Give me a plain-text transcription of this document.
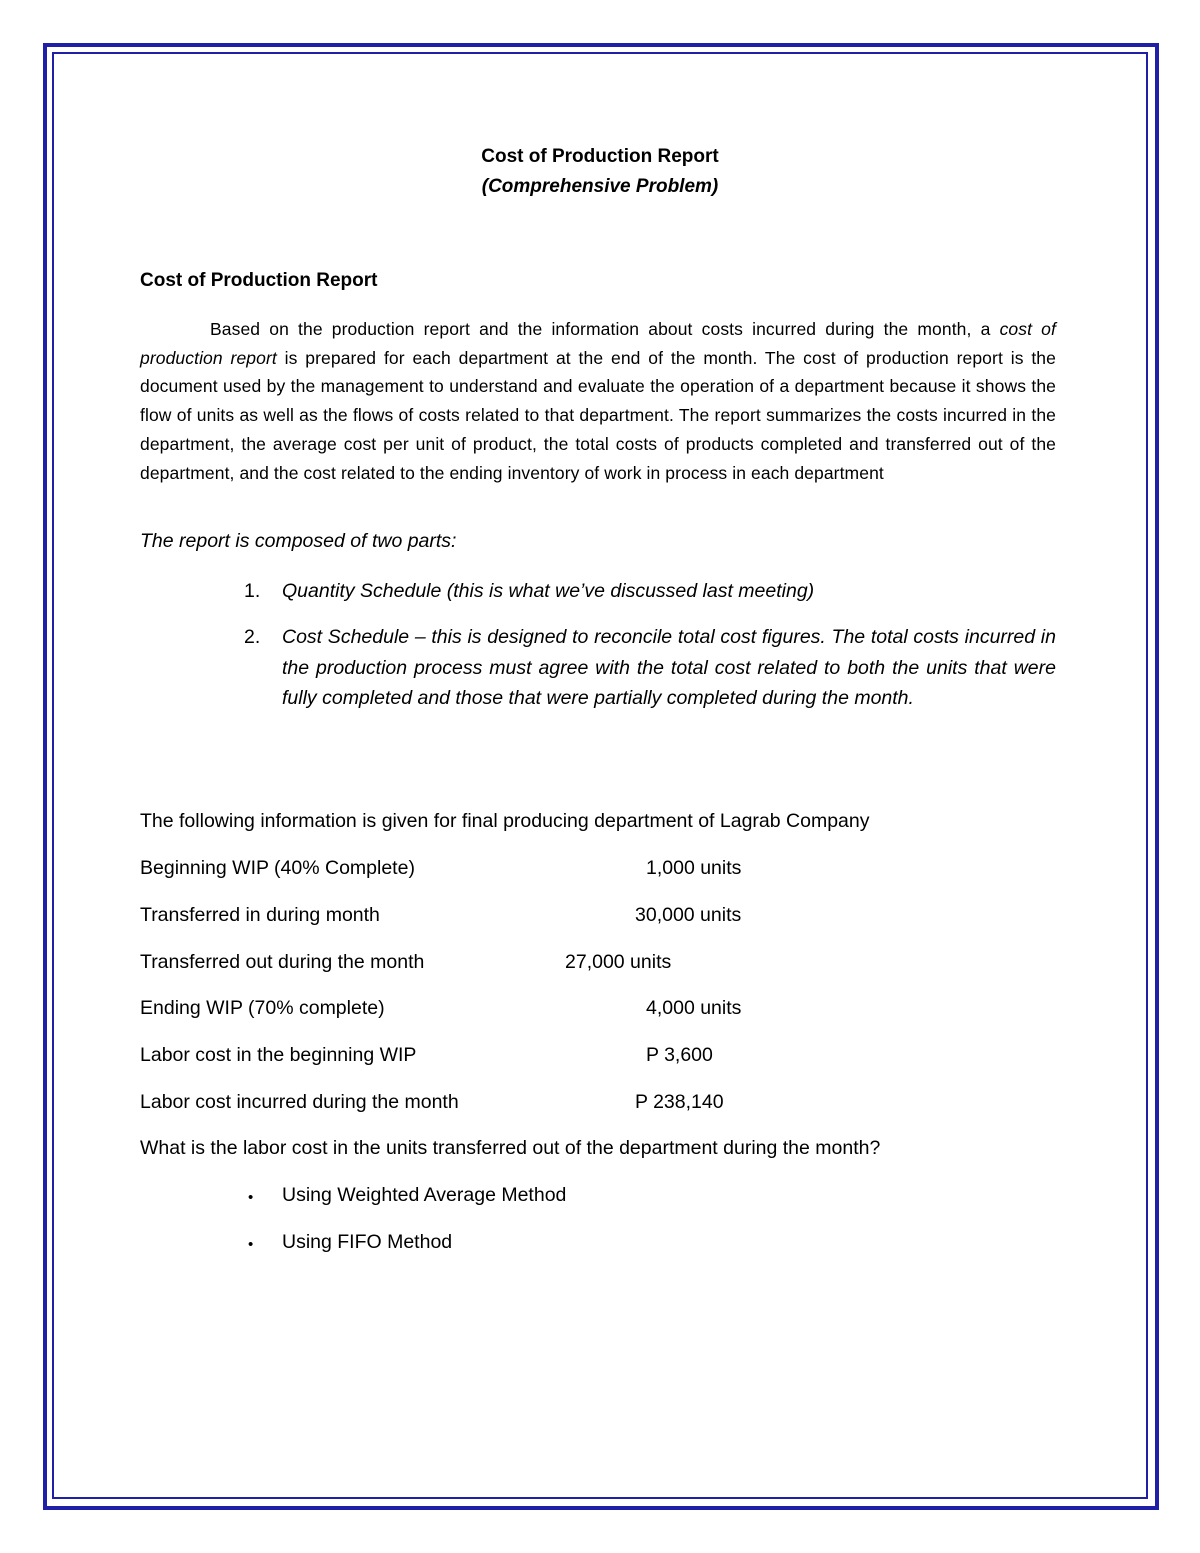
Cost of Production Report
(Comprehensive Problem)
Cost of Production Report
Based on the production report and the information about costs incurred during the month, a cost of production report is prepared for each department at the end of the month. The cost of production report is the document used by the management to understand and evaluate the operation of a department because it shows the flow of units as well as the flows of costs related to that department. The report summarizes the costs incurred in the department, the average cost per unit of product, the total costs of products completed and transferred out of the department, and the cost related to the ending inventory of work in process in each department
The report is composed of two parts:
1. Quantity Schedule (this is what we’ve discussed last meeting)
2. Cost Schedule – this is designed to reconcile total cost figures. The total costs incurred in the production process must agree with the total cost related to both the units that were fully completed and those that were partially completed during the month.
The following information is given for final producing department of Lagrab Company
Beginning WIP (40% Complete)	1,000 units
Transferred in during month	30,000 units
Transferred out during the month	27,000 units
Ending WIP (70% complete)	4,000 units
Labor cost in the beginning WIP	P 3,600
Labor cost incurred during the month	P 238,140
What is the labor cost in the units transferred out of the department during the month?
• Using Weighted Average Method
• Using FIFO Method
